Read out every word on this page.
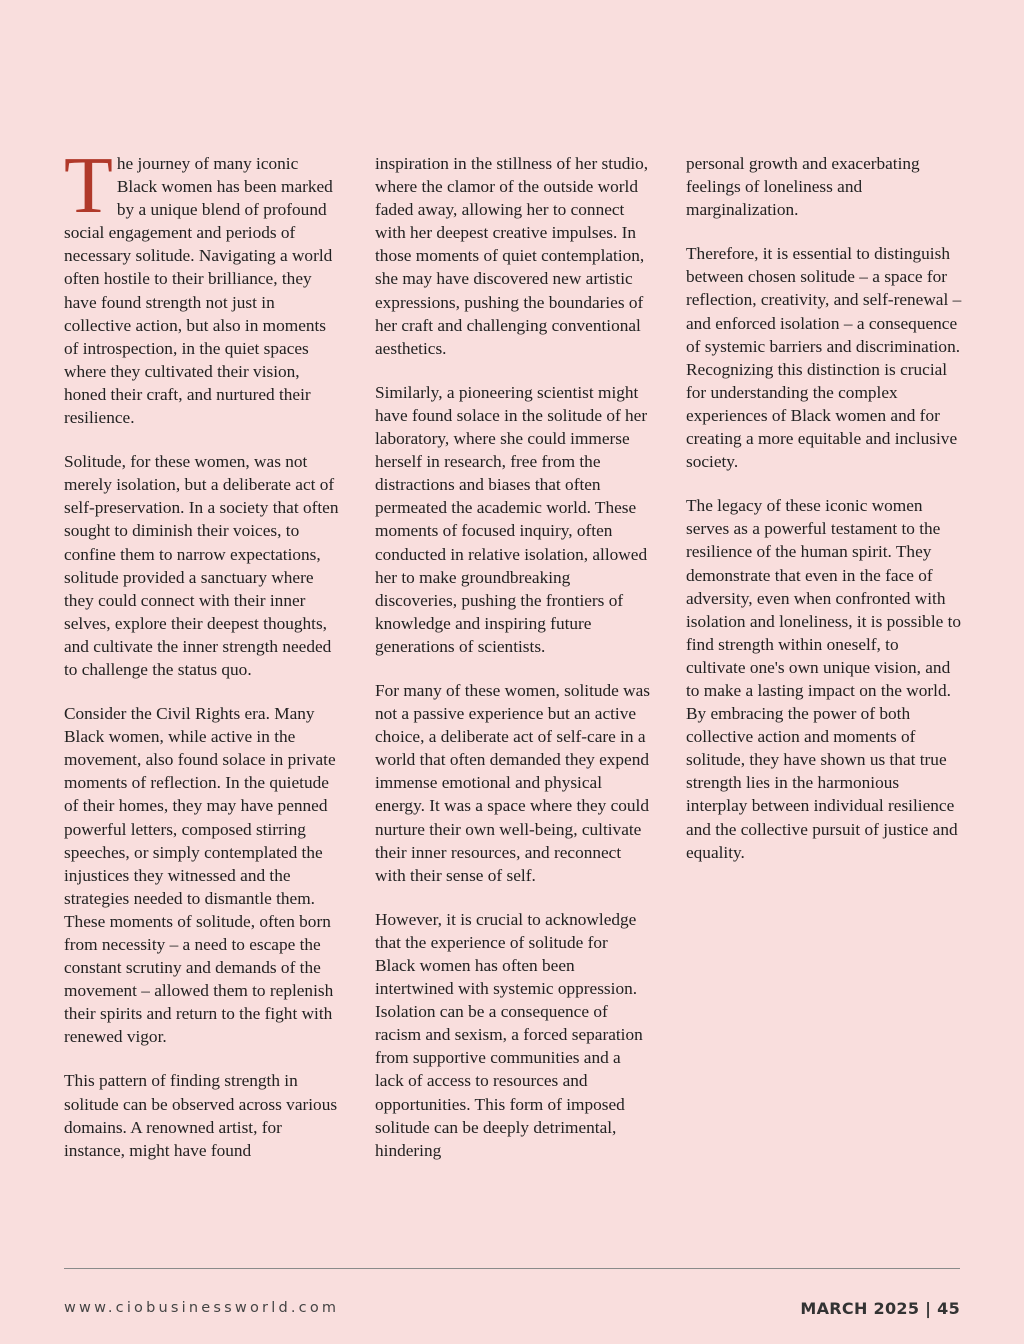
The journey of many iconic Black women has been marked by a unique blend of profound social engagement and periods of necessary solitude. Navigating a world often hostile to their brilliance, they have found strength not just in collective action, but also in moments of introspection, in the quiet spaces where they cultivated their vision, honed their craft, and nurtured their resilience.

Solitude, for these women, was not merely isolation, but a deliberate act of self-preservation. In a society that often sought to diminish their voices, to confine them to narrow expectations, solitude provided a sanctuary where they could connect with their inner selves, explore their deepest thoughts, and cultivate the inner strength needed to challenge the status quo.

Consider the Civil Rights era. Many Black women, while active in the movement, also found solace in private moments of reflection. In the quietude of their homes, they may have penned powerful letters, composed stirring speeches, or simply contemplated the injustices they witnessed and the strategies needed to dismantle them. These moments of solitude, often born from necessity – a need to escape the constant scrutiny and demands of the movement – allowed them to replenish their spirits and return to the fight with renewed vigor.

This pattern of finding strength in solitude can be observed across various domains. A renowned artist, for instance, might have found

inspiration in the stillness of her studio, where the clamor of the outside world faded away, allowing her to connect with her deepest creative impulses. In those moments of quiet contemplation, she may have discovered new artistic expressions, pushing the boundaries of her craft and challenging conventional aesthetics.

Similarly, a pioneering scientist might have found solace in the solitude of her laboratory, where she could immerse herself in research, free from the distractions and biases that often permeated the academic world. These moments of focused inquiry, often conducted in relative isolation, allowed her to make groundbreaking discoveries, pushing the frontiers of knowledge and inspiring future generations of scientists.

For many of these women, solitude was not a passive experience but an active choice, a deliberate act of self-care in a world that often demanded they expend immense emotional and physical energy. It was a space where they could nurture their own well-being, cultivate their inner resources, and reconnect with their sense of self.

However, it is crucial to acknowledge that the experience of solitude for Black women has often been intertwined with systemic oppression. Isolation can be a consequence of racism and sexism, a forced separation from supportive communities and a lack of access to resources and opportunities. This form of imposed solitude can be deeply detrimental, hindering

personal growth and exacerbating feelings of loneliness and marginalization.

Therefore, it is essential to distinguish between chosen solitude – a space for reflection, creativity, and self-renewal – and enforced isolation – a consequence of systemic barriers and discrimination. Recognizing this distinction is crucial for understanding the complex experiences of Black women and for creating a more equitable and inclusive society.

The legacy of these iconic women serves as a powerful testament to the resilience of the human spirit. They demonstrate that even in the face of adversity, even when confronted with isolation and loneliness, it is possible to find strength within oneself, to cultivate one's own unique vision, and to make a lasting impact on the world. By embracing the power of both collective action and moments of solitude, they have shown us that true strength lies in the harmonious interplay between individual resilience and the collective pursuit of justice and equality.

www.ciobusinessworld.com	MARCH 2025 | 45
